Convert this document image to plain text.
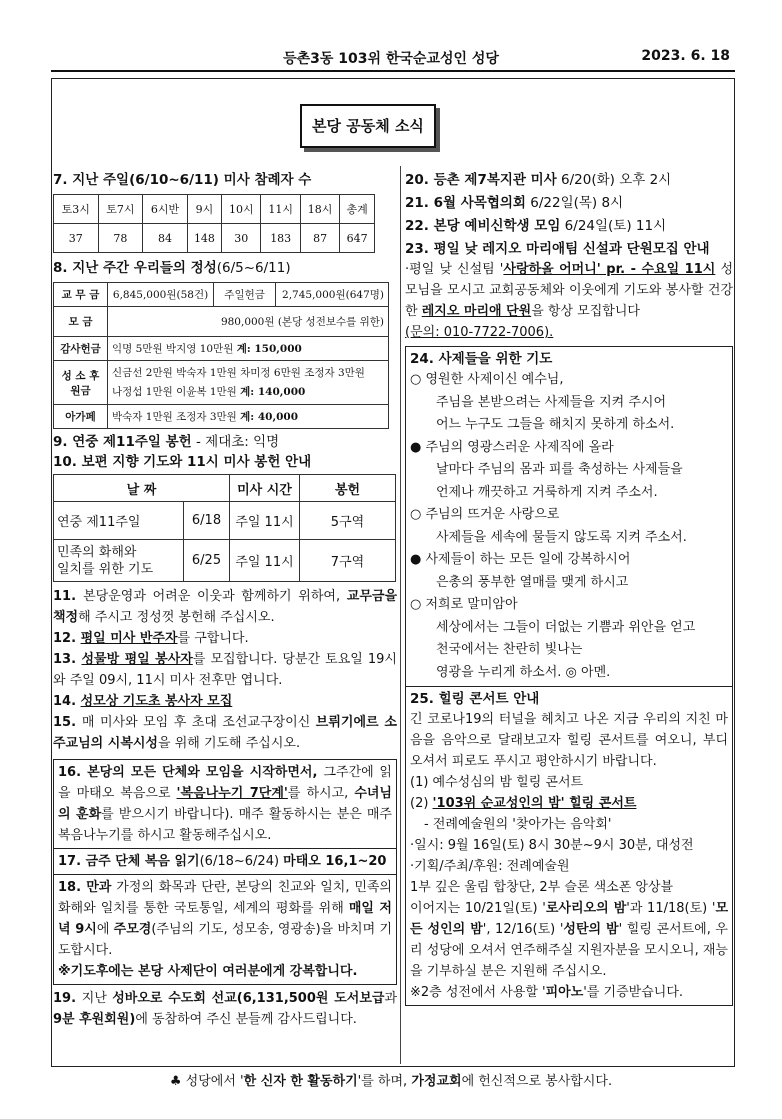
등촌3동 103위 한국순교성인 성당	2023. 6. 18
본당 공동체 소식
7. 지난 주일(6/10~6/11) 미사 참례자 수
토3시	토7시	6시반	9시	10시	11시	18시	총계
37	78	84	148	30	183	87	647
8. 지난 주간 우리들의 정성(6/5~6/11)
교 무 금	6,845,000원(58건)	주일헌금	2,745,000원(647명)
모 금	980,000원 (본당 성전보수를 위한)		
감사헌금	익명 5만원 박지영 10만원 계: 150,000		
성 소 후원금	신금선 2만원 박숙자 1만원 차미정 6만원 조정자 3만원
나정섭 1만원 이윤복 1만원 계: 140,000		

아가페	박숙자 1만원 조정자 3만원 계: 40,000		
9. 연중 제11주일 봉헌 - 제대초: 익명
10. 보편 지향 기도와 11시 미사 봉헌 안내
날 짜		미사 시간	봉헌
연중 제11주일	6/18	주일 11시	5구역

민족의 화해와
일치를 위한 기도	6/25	주일 11시	7구역
11. 본당운영과 어려운 이웃과 함께하기 위하여, 교무금을 책정해 주시고 정성껏 봉헌해 주십시오.
12. 평일 미사 반주자를 구합니다.
13. 성물방 평일 봉사자를 모집합니다. 당분간 토요일 19시와 주일 09시, 11시 미사 전후만 엽니다.
14. 성모상 기도초 봉사자 모집
15. 매 미사와 모임 후 초대 조선교구장이신 브뤼기에르 소 주교님의 시복시성을 위해 기도해 주십시오.
16. 본당의 모든 단체와 모임을 시작하면서, 그주간에 읽을 마태오 복음으로 '복음나누기 7단계'를 하시고, 수녀님의 훈화를 받으시기 바랍니다). 매주 활동하시는 분은 매주 복음나누기를 하시고 활동해주십시오.
17. 금주 단체 복음 읽기(6/18~6/24) 마태오 16,1~20
18. 만과 가정의 화목과 단란, 본당의 친교와 일치, 민족의 화해와 일치를 통한 국토통일, 세계의 평화를 위해 매일 저녁 9시에 주모경(주님의 기도, 성모송, 영광송)을 바치며 기도합시다.
※기도후에는 본당 사제단이 여러분에게 강복합니다.
19. 지난 성바오로 수도회 선교(6,131,500원 도서보급과 9분 후원회원)에 동참하여 주신 분들께 감사드립니다.
20. 등촌 제7복지관 미사 6/20(화) 오후 2시
21. 6월 사목협의회 6/22일(목) 8시
22. 본당 예비신학생 모임 6/24일(토) 11시
23. 평일 낮 레지오 마리애팀 신설과 단원모집 안내
·평일 낮 신설팀 '사랑하올 어머니' pr. - 수요일 11시 성모님을 모시고 교회공동체와 이웃에게 기도와 봉사할 건강한 레지오 마리애 단원을 항상 모집합니다
(문의: 010-7722-7006).
24. 사제들을 위한 기도
○ 영원한 사제이신 예수님,
주님을 본받으려는 사제들을 지켜 주시어
어느 누구도 그들을 해치지 못하게 하소서.
● 주님의 영광스러운 사제직에 올라
날마다 주님의 몸과 피를 축성하는 사제들을
언제나 깨끗하고 거룩하게 지켜 주소서.
○ 주님의 뜨거운 사랑으로
사제들을 세속에 물들지 않도록 지켜 주소서.
● 사제들이 하는 모든 일에 강복하시어
은총의 풍부한 열매를 맺게 하시고
○ 저희로 말미암아
세상에서는 그들이 더없는 기쁨과 위안을 얻고
천국에서는 찬란히 빛나는
영광을 누리게 하소서. ◎ 아멘.
25. 힐링 콘서트 안내
긴 코로나19의 터널을 헤치고 나온 지금 우리의 지친 마음을 음악으로 달래보고자 힐링 콘서트를 여오니, 부디 오셔서 피로도 푸시고 평안하시기 바랍니다.
(1) 예수성심의 밤 힐링 콘서트
(2) '103위 순교성인의 밤' 힐링 콘서트
- 전례예술원의 '찾아가는 음악회'
·일시: 9월 16일(토) 8시 30분~9시 30분, 대성전
·기획/주최/후원: 전례예술원
1부 깊은 울림 합창단, 2부 슬론 색소폰 앙상블
이어지는 10/21일(토) '로사리오의 밤'과 11/18(토) '모든 성인의 밤', 12/16(토) '성탄의 밤' 힐링 콘서트에, 우리 성당에 오셔서 연주해주실 지원자분을 모시오니, 재능을 기부하실 분은 지원해 주십시오.
※2층 성전에서 사용할 '피아노'를 기증받습니다.
♣ 성당에서 '한 신자 한 활동하기'를 하며, 가정교회에 헌신적으로 봉사합시다.
